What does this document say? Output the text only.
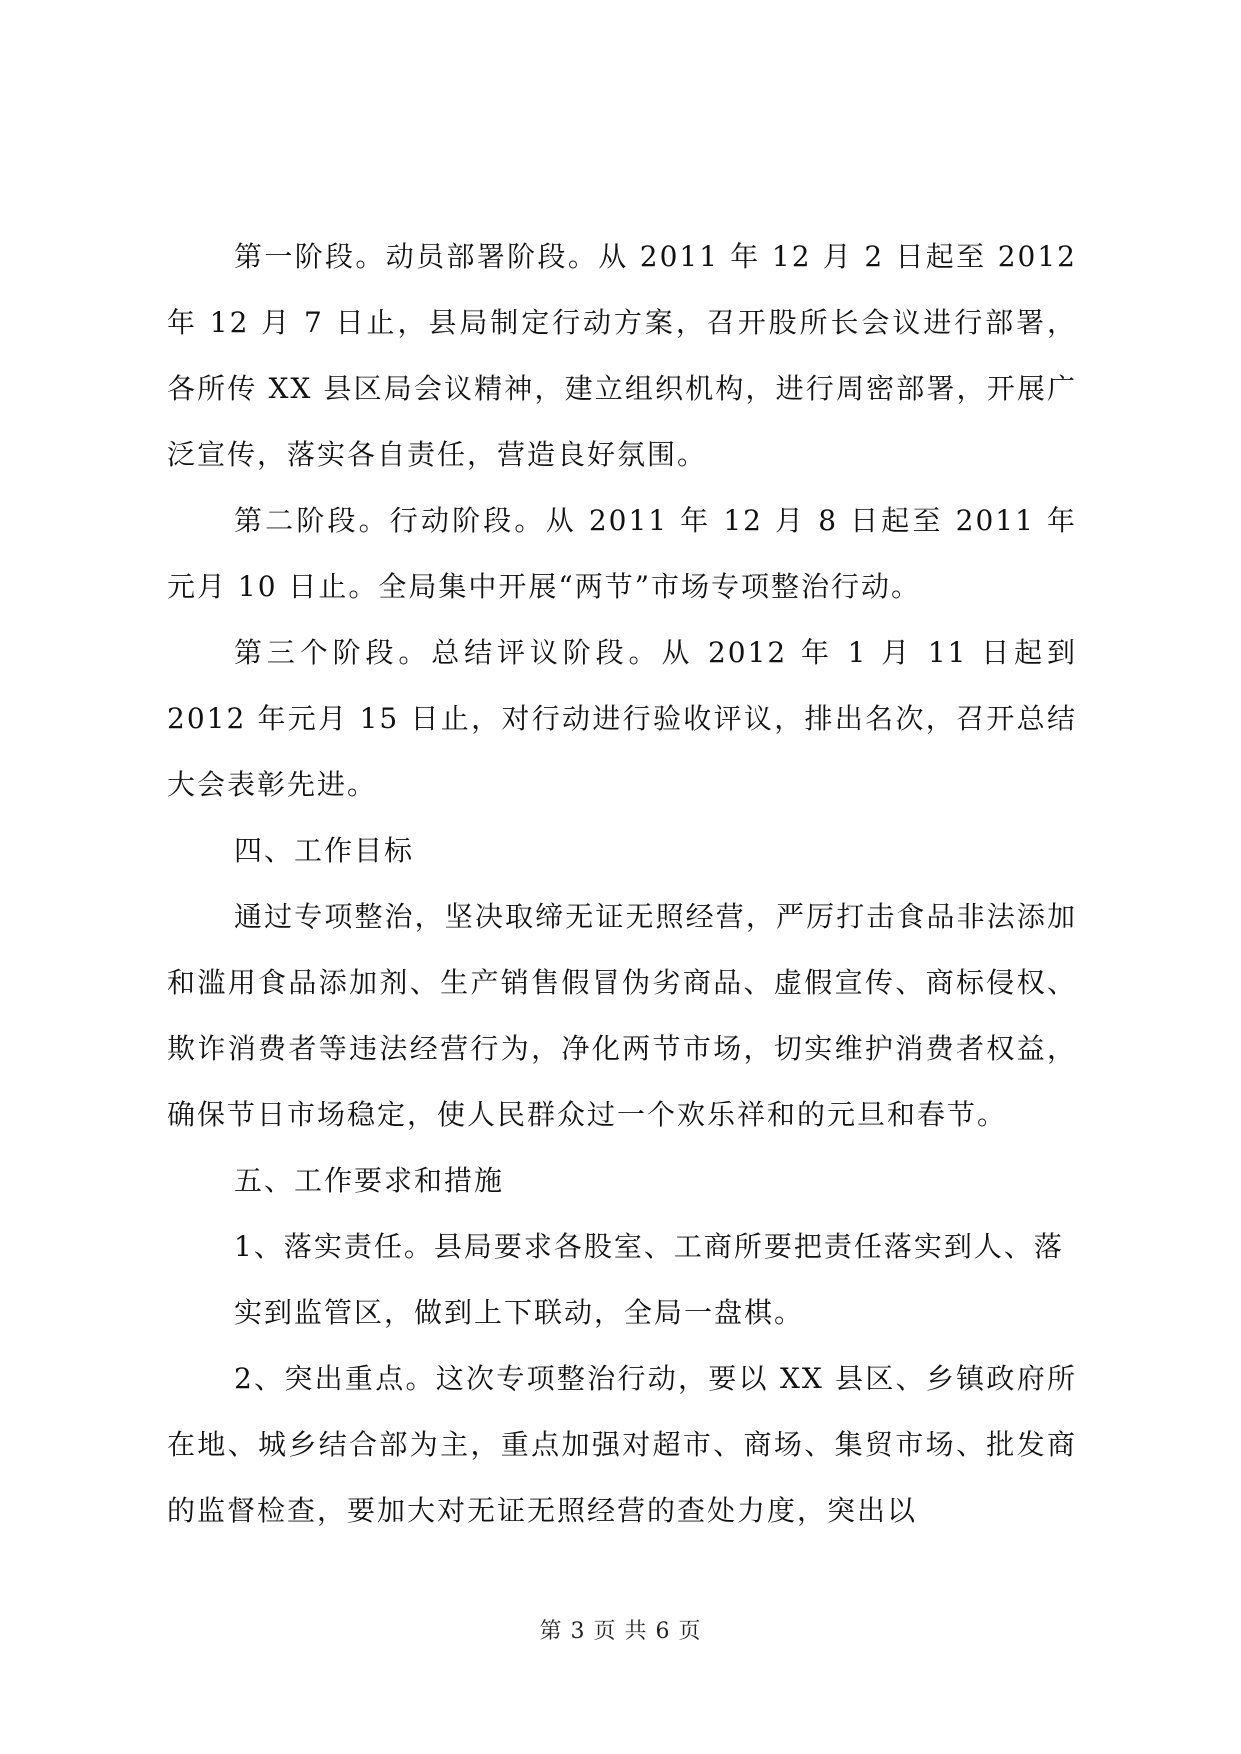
第一阶段。动员部署阶段。从 2011 年 12 月 2 日起至 2012 年 12 月 7 日止，县局制定行动方案，召开股所长会议进行部署，各所传 XX 县区局会议精神，建立组织机构，进行周密部署，开展广泛宣传，落实各自责任，营造良好氛围。

第二阶段。行动阶段。从 2011 年 12 月 8 日起至 2011 年元月 10 日止。全局集中开展“两节”市场专项整治行动。

第三个阶段。总结评议阶段。从 2012 年 1 月 11 日起到 2012 年元月 15 日止，对行动进行验收评议，排出名次，召开总结大会表彰先进。

四、工作目标

通过专项整治，坚决取缔无证无照经营，严厉打击食品非法添加和滥用食品添加剂、生产销售假冒伪劣商品、虚假宣传、商标侵权、欺诈消费者等违法经营行为，净化两节市场，切实维护消费者权益，确保节日市场稳定，使人民群众过一个欢乐祥和的元旦和春节。

五、工作要求和措施

1、落实责任。县局要求各股室、工商所要把责任落实到人、落实到监管区，做到上下联动，全局一盘棋。

2、突出重点。这次专项整治行动，要以 XX 县区、乡镇政府所在地、城乡结合部为主，重点加强对超市、商场、集贸市场、批发商的监督检查，要加大对无证无照经营的查处力度，突出以

第 3 页 共 6 页
